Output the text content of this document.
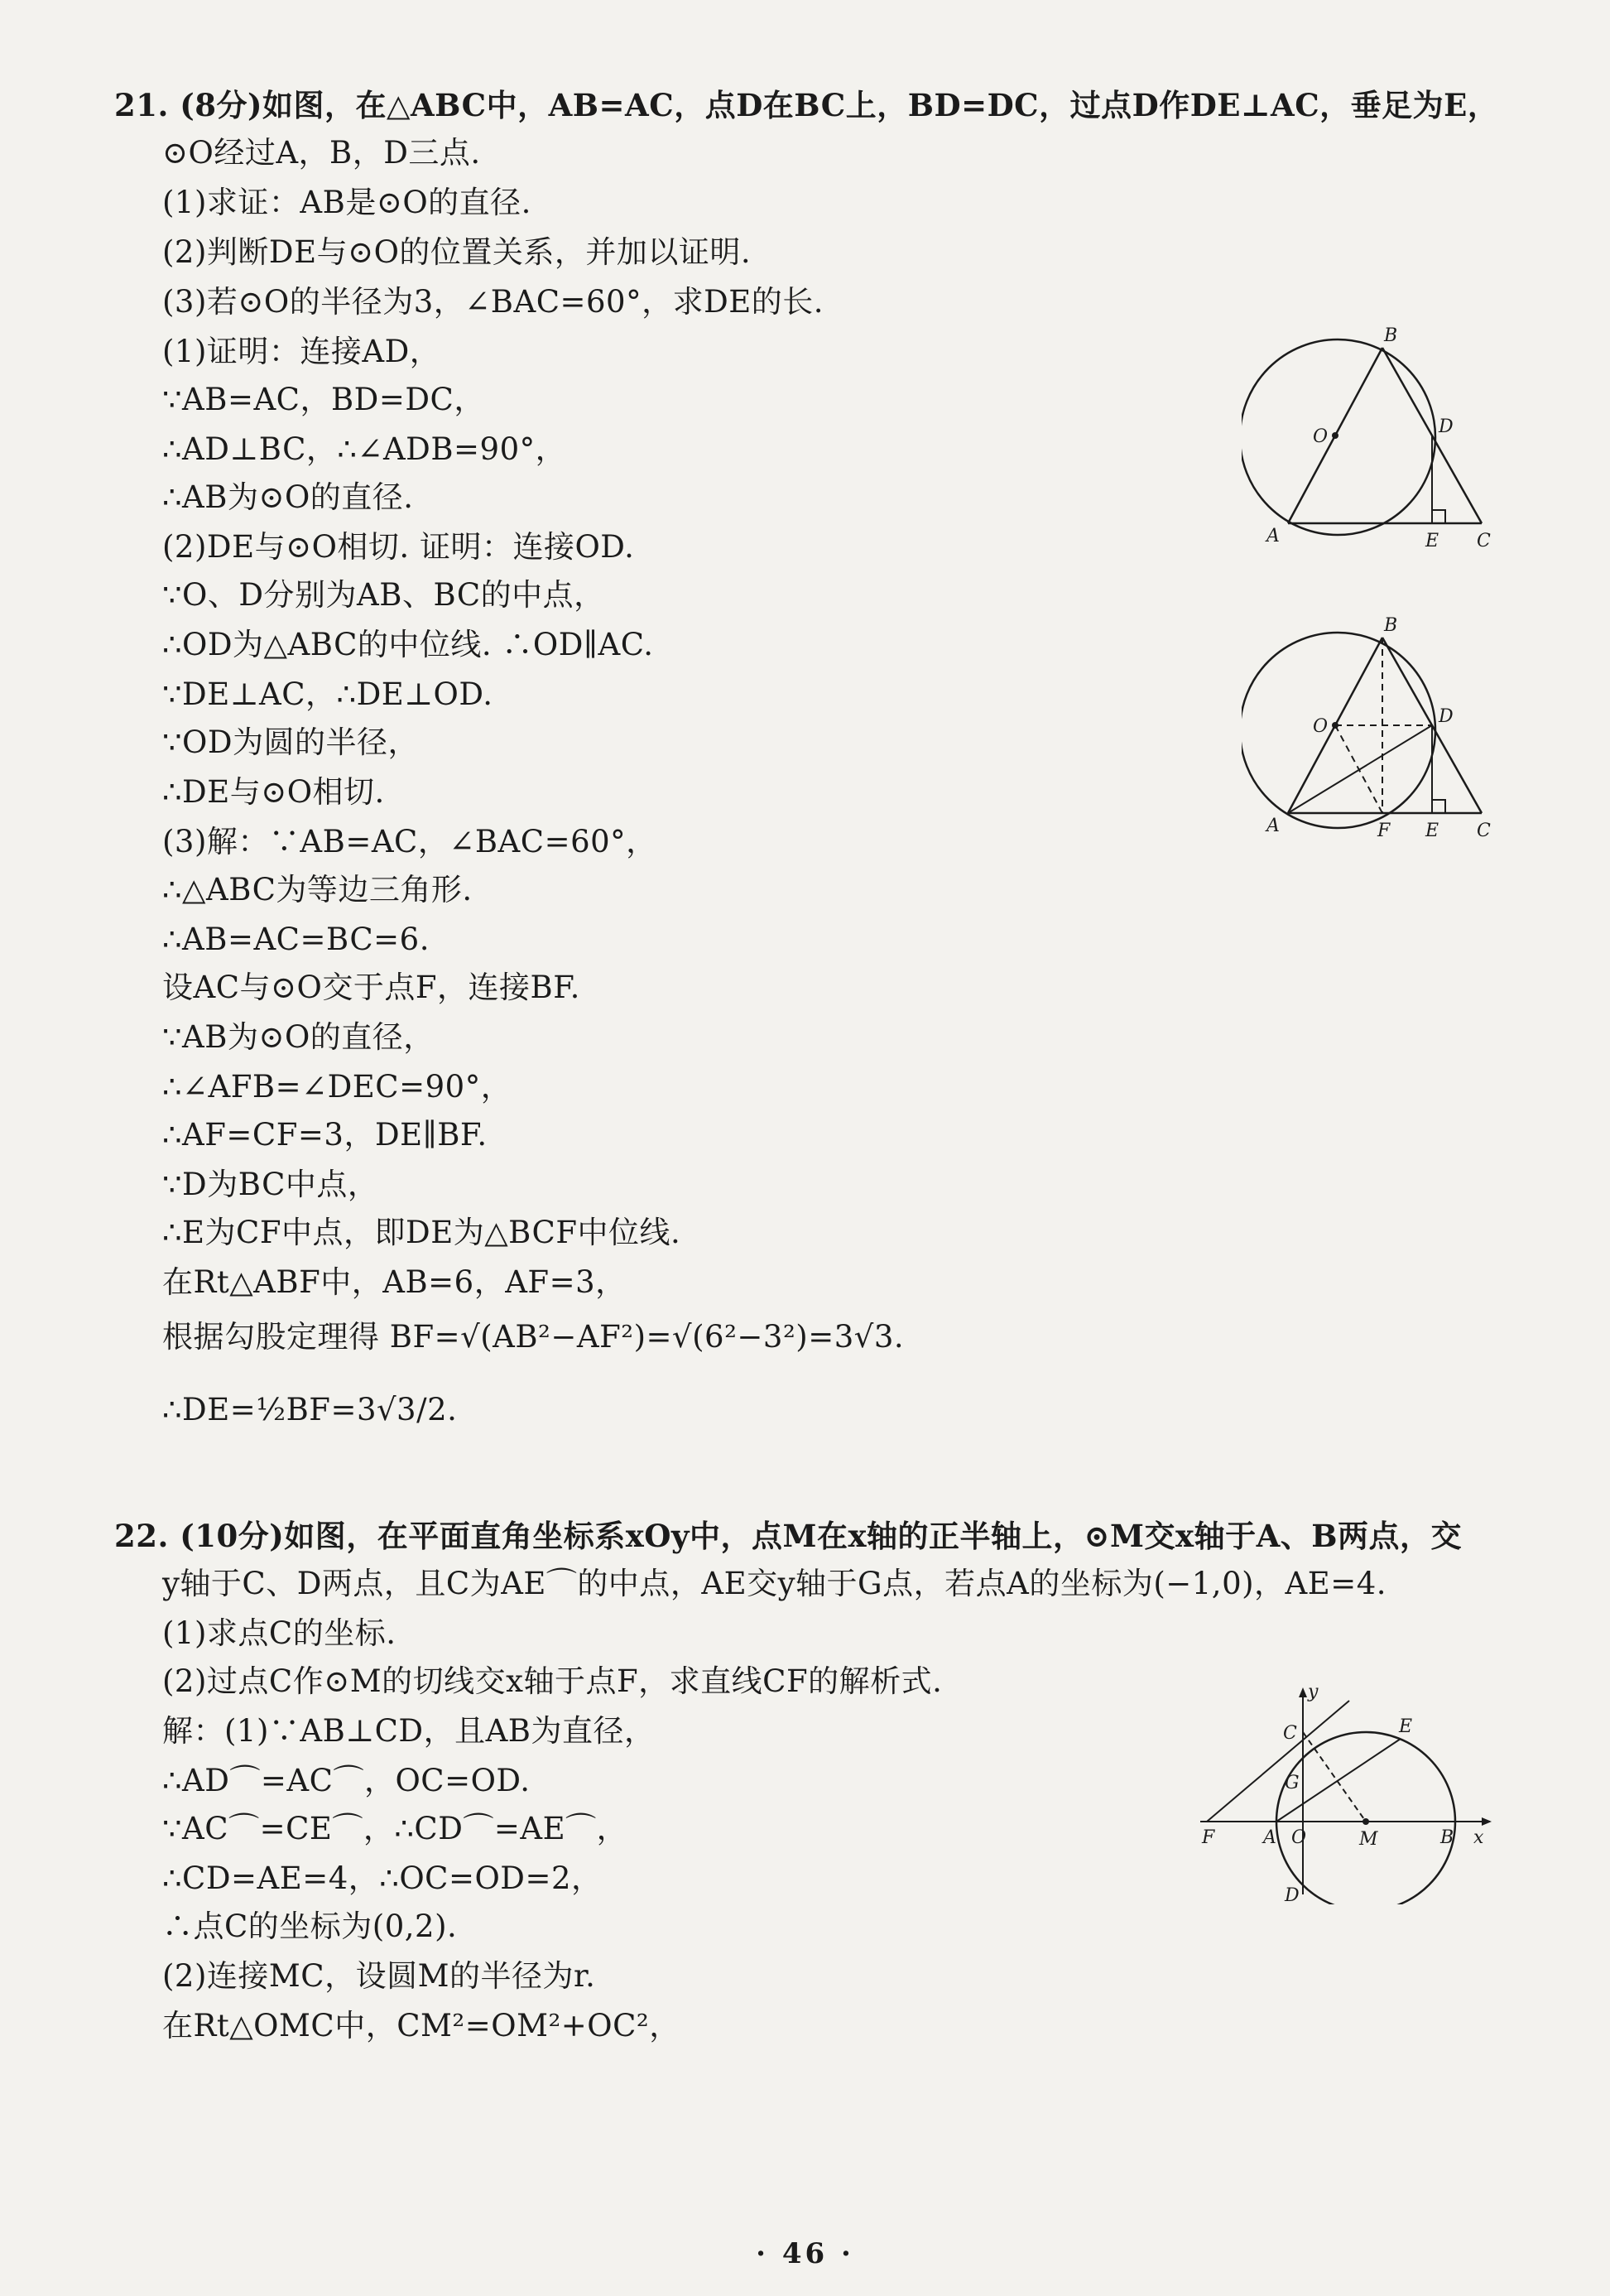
21. (8分)如图，在△ABC中，AB=AC，点D在BC上，BD=DC，过点D作DE⊥AC，垂足为E，
⊙O经过A，B，D三点.
(1)求证：AB是⊙O的直径.
(2)判断DE与⊙O的位置关系，并加以证明.
(3)若⊙O的半径为3，∠BAC=60°，求DE的长.
(1)证明：连接AD，
∵AB=AC，BD=DC，
∴AD⊥BC，∴∠ADB=90°，
∴AB为⊙O的直径.
(2)DE与⊙O相切. 证明：连接OD.
∵O、D分别为AB、BC的中点，
∴OD为△ABC的中位线. ∴OD∥AC.
∵DE⊥AC，∴DE⊥OD.
∵OD为圆的半径，
∴DE与⊙O相切.
(3)解：∵AB=AC，∠BAC=60°，
∴△ABC为等边三角形.
∴AB=AC=BC=6.
设AC与⊙O交于点F，连接BF.
∵AB为⊙O的直径，
∴∠AFB=∠DEC=90°，
∴AF=CF=3，DE∥BF.
∵D为BC中点，
∴E为CF中点，即DE为△BCF中位线.
在Rt△ABF中，AB=6，AF=3，
根据勾股定理得 BF=√(AB²−AF²)=√(6²−3²)=3√3.
∴DE=½BF=3√3/2.
B
O	D
A	E C
B
O	D
A	F E C
22. (10分)如图，在平面直角坐标系xOy中，点M在x轴的正半轴上，⊙M交x轴于A、B两点，交
y轴于C、D两点，且C为AE⌒的中点，AE交y轴于G点，若点A的坐标为(−1,0)，AE=4.
(1)求点C的坐标.
(2)过点C作⊙M的切线交x轴于点F，求直线CF的解析式.
解：(1)∵AB⊥CD，且AB为直径，
∴AD⌒=AC⌒，OC=OD.
∵AC⌒=CE⌒，∴CD⌒=AE⌒，
∴CD=AE=4，∴OC=OD=2，
∴点C的坐标为(0,2).
(2)连接MC，设圆M的半径为r.
在Rt△OMC中，CM²=OM²+OC²，
y
E
C
G
F	A O	M	B x
D
· 46 ·
